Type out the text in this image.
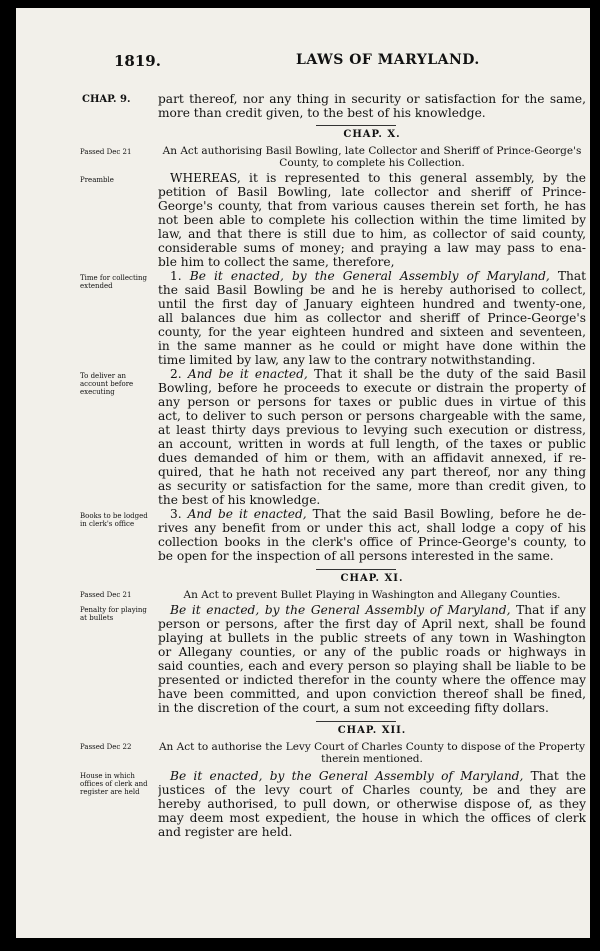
1819.	LAWS OF MARYLAND.
CHAP. 9. part thereof, nor any thing in security or satisfaction for the same,
more than credit given, to the best of his knowledge.
CHAP. X.
Passed Dec 21	An Act authorising Basil Bowling, late Collector and Sheriff of Prince-George's
County, to complete his Collection.
Preamble	WHEREAS, it is represented to this general assembly, by the
petition of Basil Bowling, late collector and sheriff of Prince-
George's county, that from various causes therein set forth, he has
not been able to complete his collection within the time limited by
law, and that there is still due to him, as collector of said county,
considerable sums of money; and praying a law may pass to ena-
ble him to collect the same, therefore,
Time for collecting extended
1. Be it enacted, by the General Assembly of Maryland, That
the said Basil Bowling be and he is hereby authorised to collect,
until the first day of January eighteen hundred and twenty-one,
all balances due him as collector and sheriff of Prince-George's
county, for the year eighteen hundred and sixteen and seventeen,
in the same manner as he could or might have done within the
time limited by law, any law to the contrary notwithstanding.
To deliver an account before executing
2. And be it enacted, That it shall be the duty of the said Basil
Bowling, before he proceeds to execute or distrain the property of
any person or persons for taxes or public dues in virtue of this
act, to deliver to such person or persons chargeable with the same,
at least thirty days previous to levying such execution or distress,
an account, written in words at full length, of the taxes or public
dues demanded of him or them, with an affidavit annexed, if re-
quired, that he hath not received any part thereof, nor any thing
as security or satisfaction for the same, more than credit given, to
the best of his knowledge.
Books to be lodged in clerk's office
3. And be it enacted, That the said Basil Bowling, before he de-
rives any benefit from or under this act, shall lodge a copy of his
collection books in the clerk's office of Prince-George's county, to
be open for the inspection of all persons interested in the same.
CHAP. XI.
Passed Dec 21	An Act to prevent Bullet Playing in Washington and Allegany Counties.
Penalty for playing at bullets
Be it enacted, by the General Assembly of Maryland, That if any
person or persons, after the first day of April next, shall be found
playing at bullets in the public streets of any town in Washington
or Allegany counties, or any of the public roads or highways in
said counties, each and every person so playing shall be liable to be
presented or indicted therefor in the county where the offence may
have been committed, and upon conviction thereof shall be fined,
in the discretion of the court, a sum not exceeding fifty dollars.
CHAP. XII.
Passed Dec 22	An Act to authorise the Levy Court of Charles County to dispose of the Property
therein mentioned.
House in which offices of clerk and register are held
Be it enacted, by the General Assembly of Maryland, That the
justices of the levy court of Charles county, be and they are
hereby authorised, to pull down, or otherwise dispose of, as they
may deem most expedient, the house in which the offices of clerk
and register are held.
